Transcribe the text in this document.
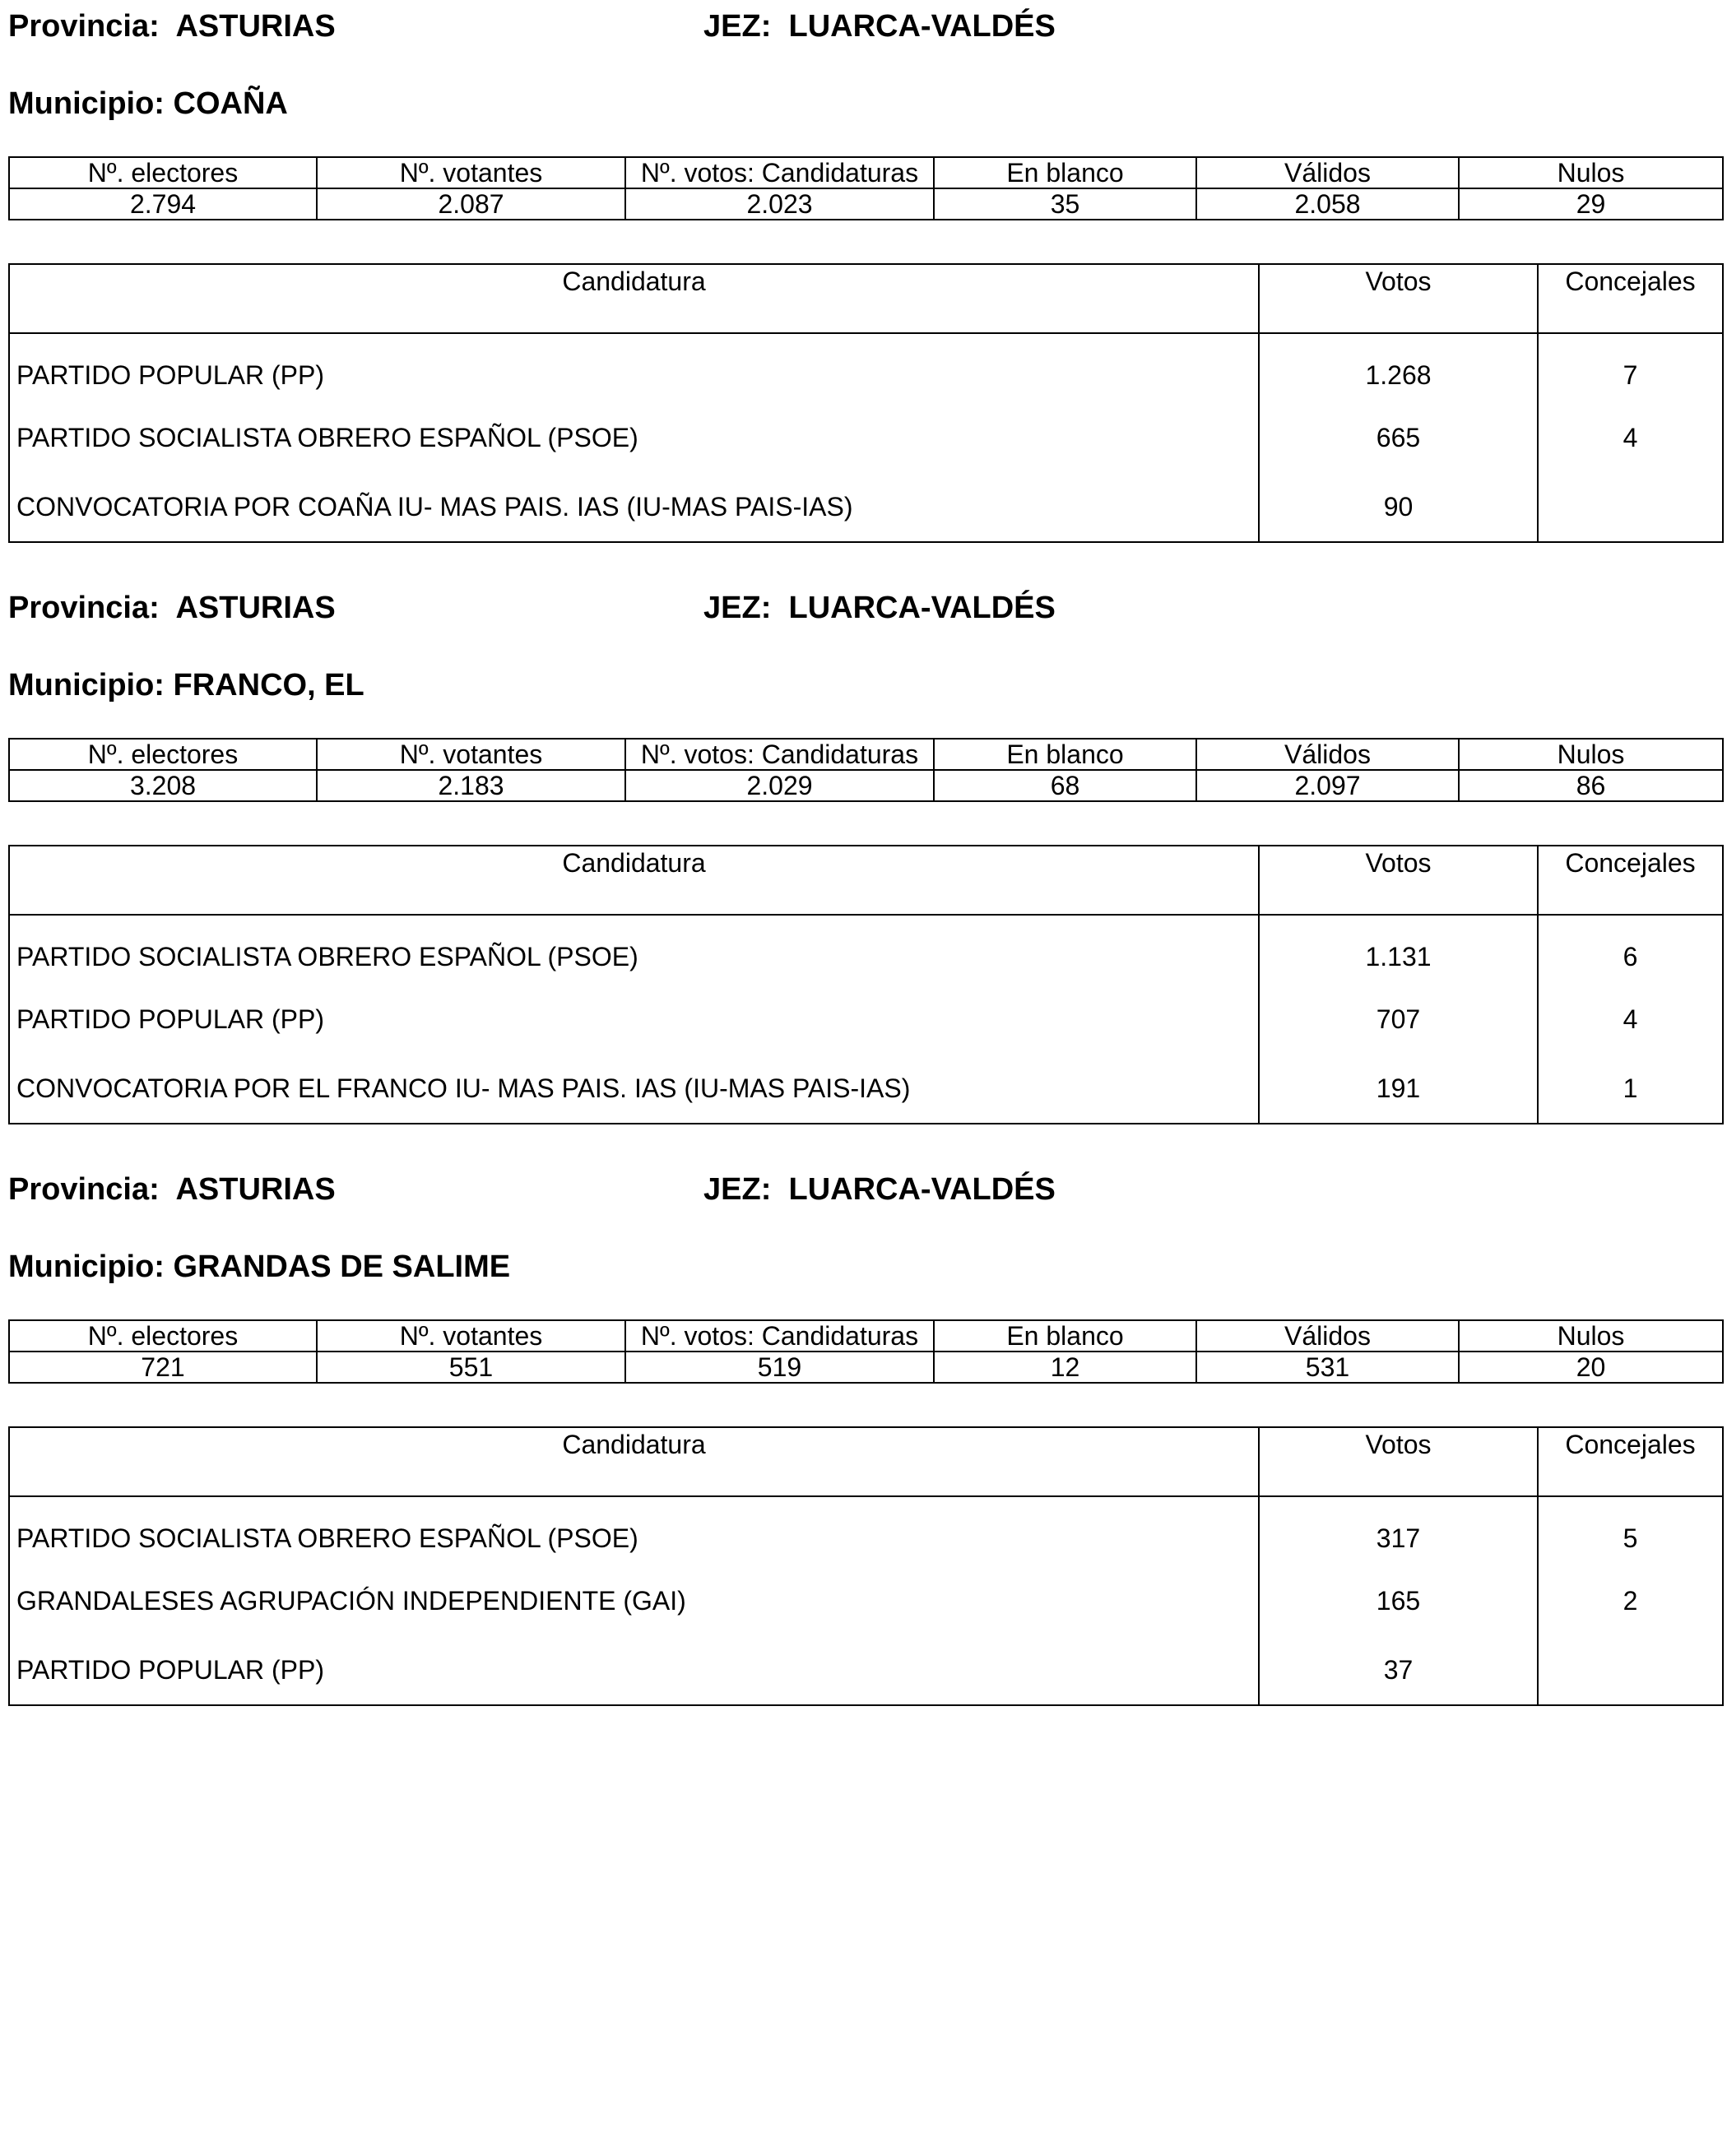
Provincia: ASTURIAS	JEZ: LUARCA-VALDÉS
Municipio: COAÑA
Nº. electores	Nº. votantes	Nº. votos: Candidaturas	En blanco	Válidos	Nulos
2.794	2.087	2.023	35	2.058	29
Candidatura	Votos	Concejales
PARTIDO POPULAR (PP)	1.268	7
PARTIDO SOCIALISTA OBRERO ESPAÑOL (PSOE)	665	4
CONVOCATORIA POR COAÑA IU- MAS PAIS. IAS (IU-MAS PAIS-IAS)	90	
Provincia: ASTURIAS	JEZ: LUARCA-VALDÉS
Municipio: FRANCO, EL
Nº. electores	Nº. votantes	Nº. votos: Candidaturas	En blanco	Válidos	Nulos
3.208	2.183	2.029	68	2.097	86
Candidatura	Votos	Concejales
PARTIDO SOCIALISTA OBRERO ESPAÑOL (PSOE)	1.131	6
PARTIDO POPULAR (PP)	707	4
CONVOCATORIA POR EL FRANCO IU- MAS PAIS. IAS (IU-MAS PAIS-IAS)	191	1
Provincia: ASTURIAS	JEZ: LUARCA-VALDÉS
Municipio: GRANDAS DE SALIME
Nº. electores	Nº. votantes	Nº. votos: Candidaturas	En blanco	Válidos	Nulos
721	551	519	12	531	20
Candidatura	Votos	Concejales
PARTIDO SOCIALISTA OBRERO ESPAÑOL (PSOE)	317	5
GRANDALESES AGRUPACIÓN INDEPENDIENTE (GAI)	165	2
PARTIDO POPULAR (PP)	37	
